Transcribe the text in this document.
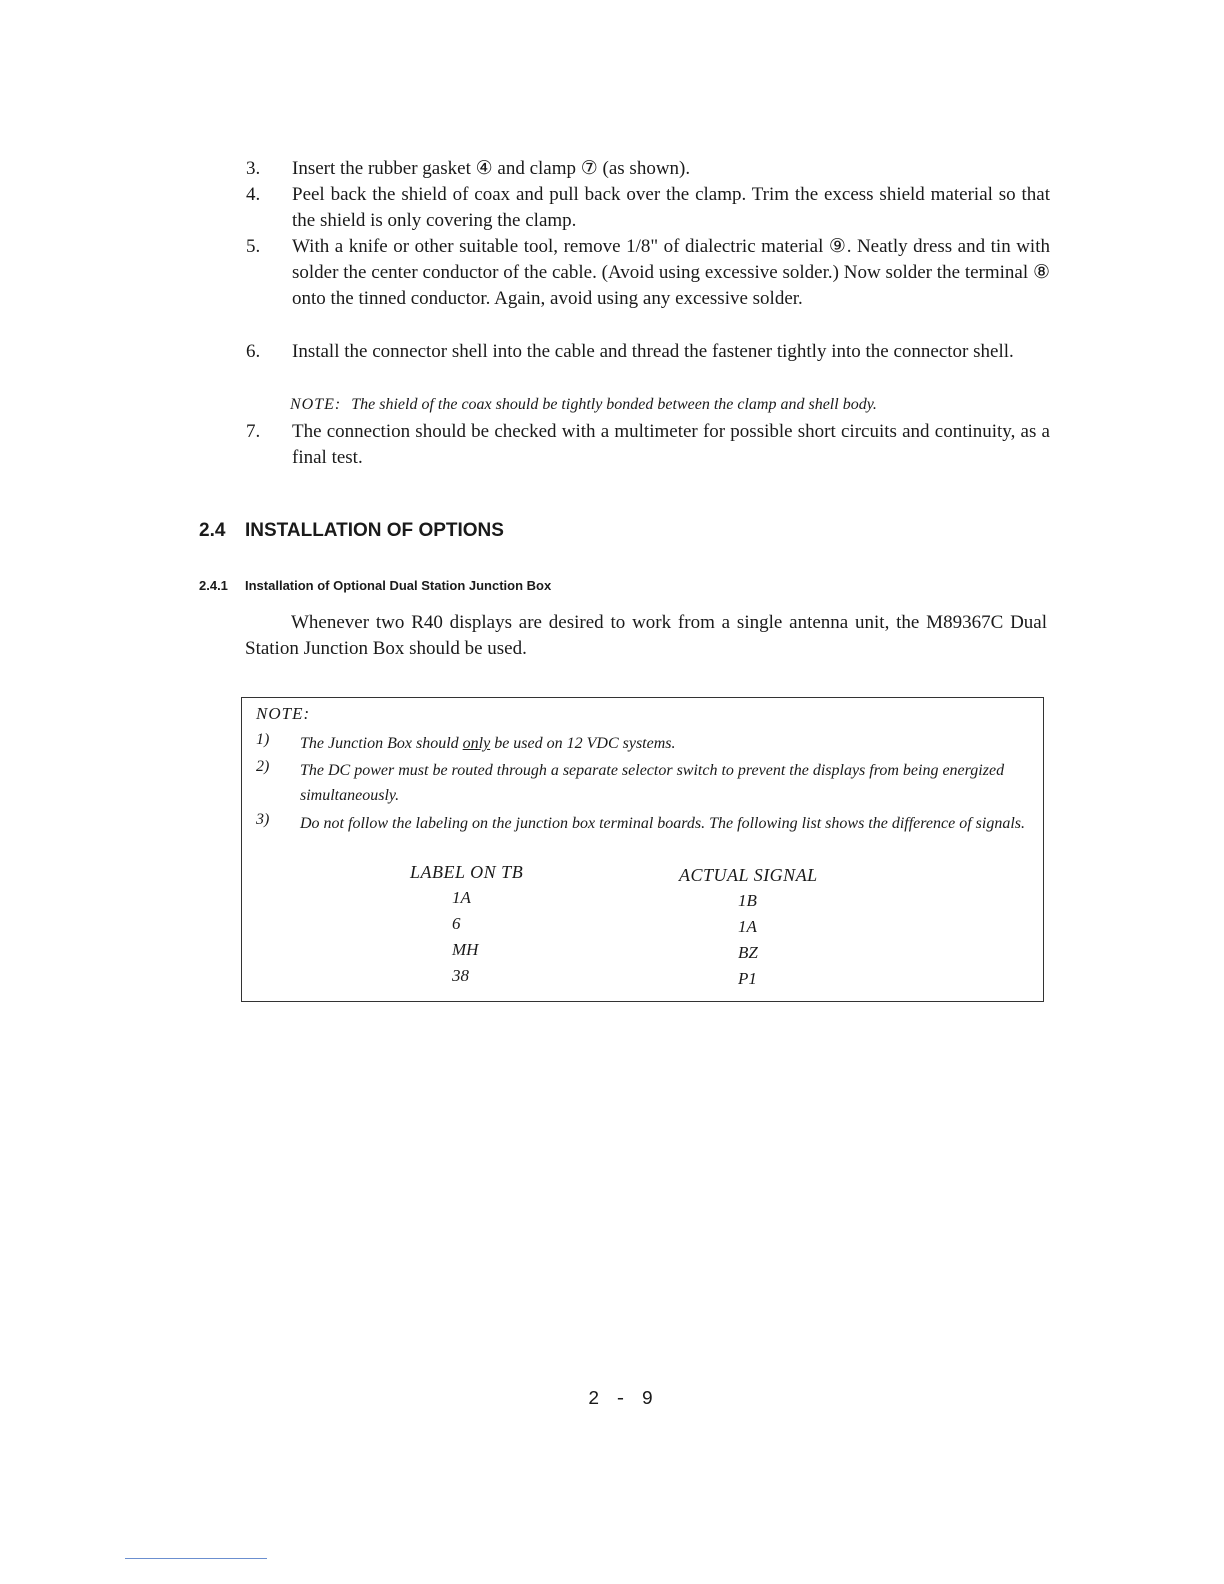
3. Insert the rubber gasket ④ and clamp ⑦ (as shown).

4. Peel back the shield of coax and pull back over the clamp. Trim the excess shield material so that the shield is only covering the clamp.

5. With a knife or other suitable tool, remove 1/8" of dialectric material ⑨. Neatly dress and tin with solder the center conductor of the cable. (Avoid using excessive solder.) Now solder the terminal ⑧ onto the tinned conductor. Again, avoid using any excessive solder.

6. Install the connector shell into the cable and thread the fastener tightly into the connector shell.

NOTE: The shield of the coax should be tightly bonded between the clamp and shell body.
7. The connection should be checked with a multimeter for possible short circuits and continuity, as a final test.

2.4 INSTALLATION OF OPTIONS
2.4.1 Installation of Optional Dual Station Junction Box

Whenever two R40 displays are desired to work from a single antenna unit, the M89367C Dual Station Junction Box should be used.

NOTE:
1) The Junction Box should only be used on 12 VDC systems.

2) The DC power must be routed through a separate selector switch to prevent the displays from being energized simultaneously.

3) Do not follow the labeling on the junction box terminal boards. The following list shows the difference of signals.

LABEL ON TB	ACTUAL SIGNAL
1A	1B
6	1A
MH	BZ
38	P1
2 - 9
